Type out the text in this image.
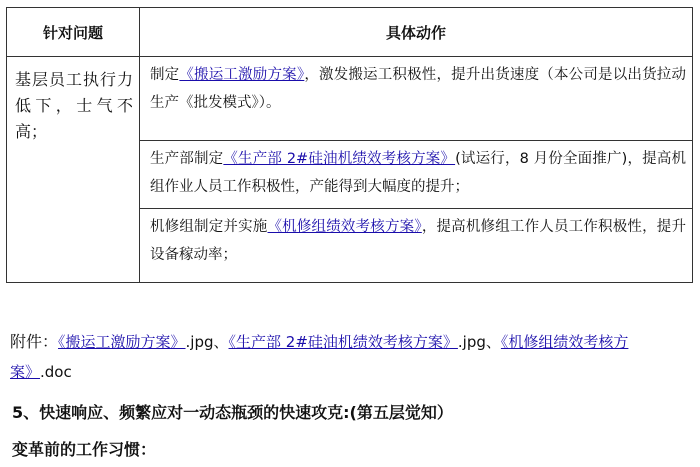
针对问题	具体动作
基层员工执行力低下，士气不高；	制定《搬运工激励方案》，激发搬运工积极性，提升出货速度（本公司是以出货拉动生产《批发模式》）。
	生产部制定《生产部 2#硅油机绩效考核方案》(试运行，8 月份全面推广)，提高机组作业人员工作积极性，产能得到大幅度的提升；
	机修组制定并实施《机修组绩效考核方案》，提高机修组工作人员工作积极性，提升设备稼动率；
附件：《搬运工激励方案》.jpg、《生产部 2#硅油机绩效考核方案》.jpg、《机修组绩效考核方案》.doc
5、快速响应、频繁应对一动态瓶颈的快速攻克:(第五层觉知）
变革前的工作习惯：
